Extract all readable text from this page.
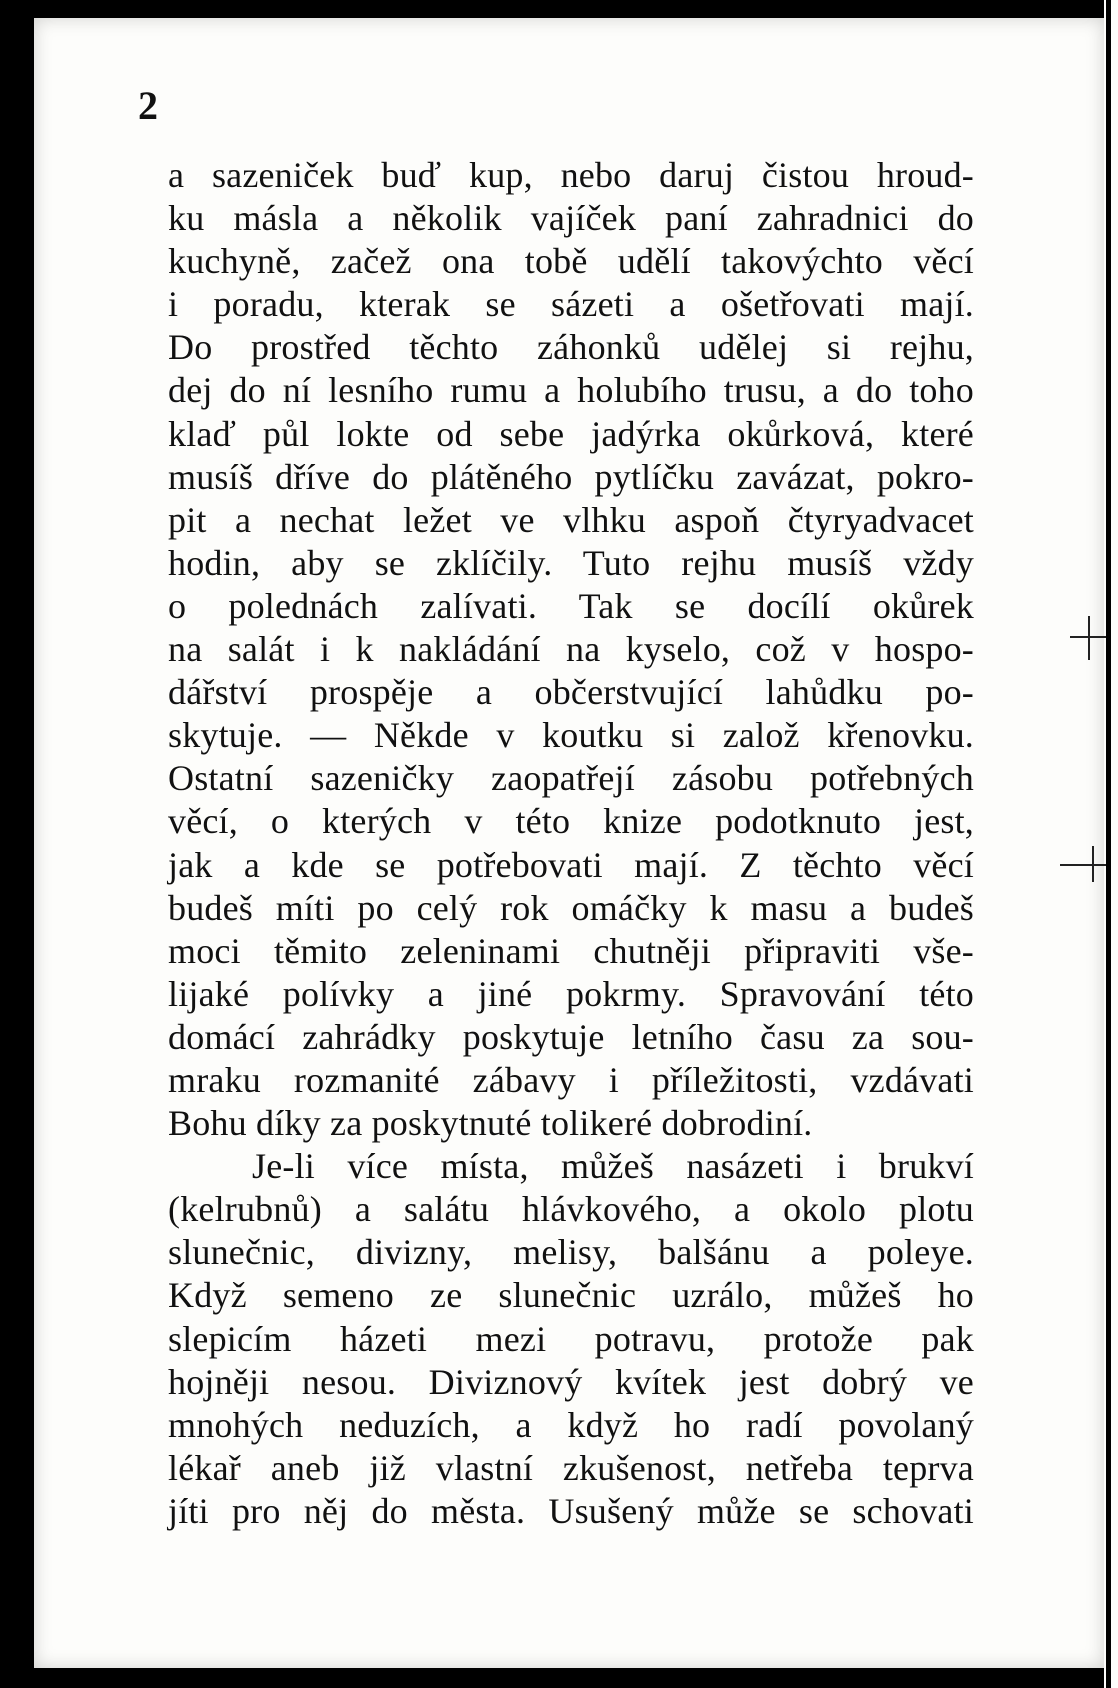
2
a sazeniček buď kup, nebo daruj čistou hroud-
ku másla a několik vajíček paní zahradnici do
kuchyně, začež ona tobě udělí takovýchto věcí
i poradu, kterak se sázeti a ošetřovati mají.
Do prostřed těchto záhonků udělej si rejhu,
dej do ní lesního rumu a holubího trusu, a do toho
klaď půl lokte od sebe jadýrka okůrková, které
musíš dříve do plátěného pytlíčku zavázat, pokro-
pit a nechat ležet ve vlhku aspoň čtyryadvacet
hodin, aby se zklíčily. Tuto rejhu musíš vždy
o polednách zalívati. Tak se docílí okůrek
na salát i k nakládání na kyselo, což v hospo-
dářství prospěje a občerstvující lahůdku po-
skytuje. — Někde v koutku si založ křenovku.
Ostatní sazeničky zaopatřejí zásobu potřebných
věcí, o kterých v této knize podotknuto jest,
jak a kde se potřebovati mají. Z těchto věcí
budeš míti po celý rok omáčky k masu a budeš
moci těmito zeleninami chutněji připraviti vše-
lijaké polívky a jiné pokrmy. Spravování této
domácí zahrádky poskytuje letního času za sou-
mraku rozmanité zábavy i příležitosti, vzdávati
Bohu díky za poskytnuté tolikeré dobrodiní.
Je-li více místa, můžeš nasázeti i brukví
(kelrubnů) a salátu hlávkového, a okolo plotu
slunečnic, divizny, melisy, balšánu a poleye.
Když semeno ze slunečnic uzrálo, můžeš ho
slepicím házeti mezi potravu, protože pak
hojněji nesou. Diviznový kvítek jest dobrý ve
mnohých neduzích, a když ho radí povolaný
lékař aneb již vlastní zkušenost, netřeba teprva
jíti pro něj do města. Usušený může se schovati
